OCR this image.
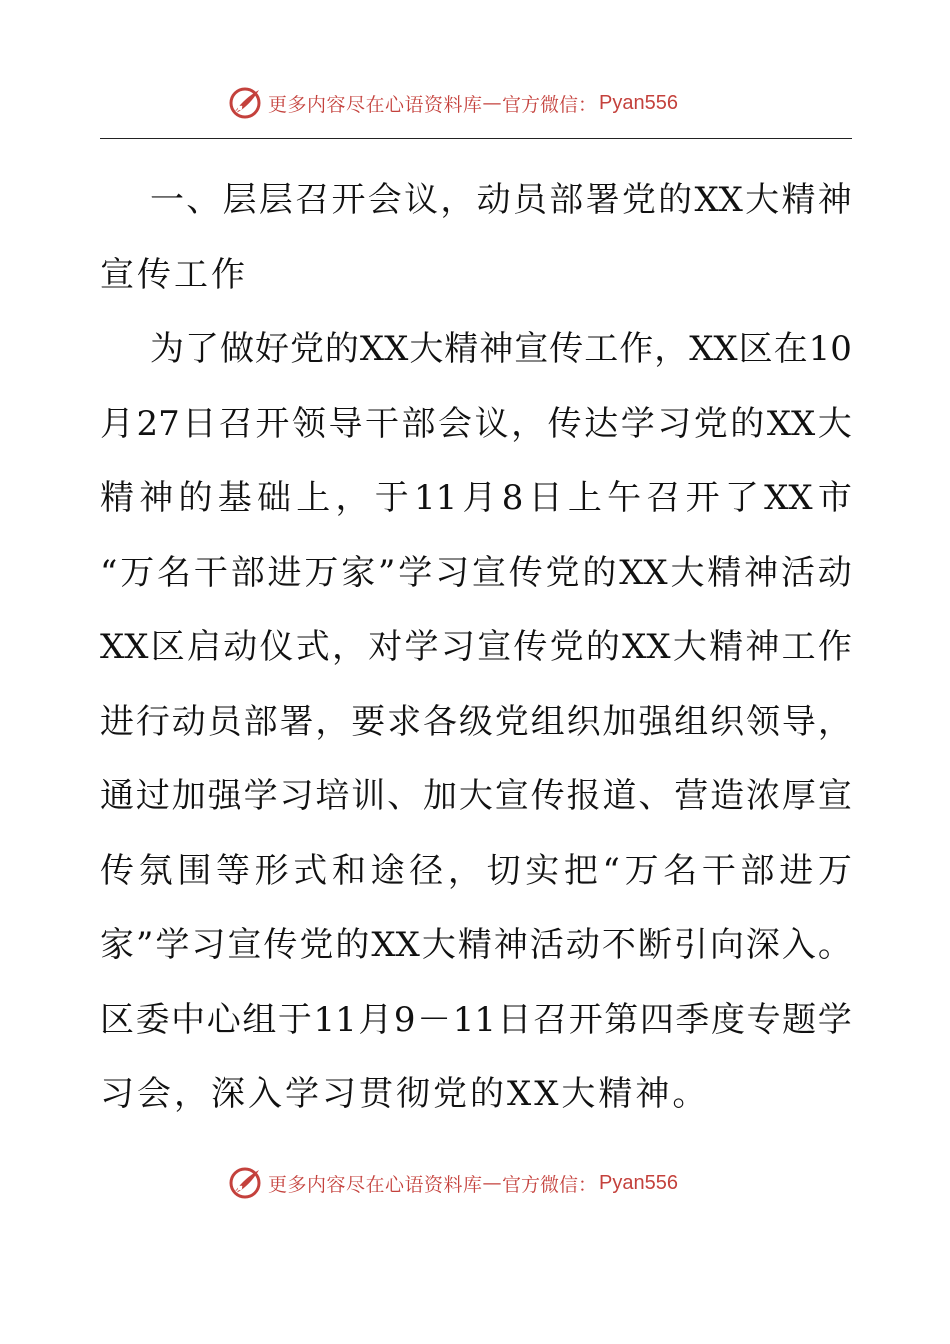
更多内容尽在心语资料库 — 官方微信： Pyan556
一 、 层 层 召 开 会 议 ， 动 员 部 署 党 的 XX 大 精 神
宣传工作
为 了 做 好 党 的 XX 大 精 神 宣 传 工 作 ， XX 区 在 10
月 27 日 召 开 领 导 干 部 会 议 ， 传 达 学 习 党 的 XX 大
精 神 的 基 础 上 ， 于 11 月 8 日 上 午 召 开 了 XX 市
“ 万 名 干 部 进 万 家 ” 学 习 宣 传 党 的 XX 大 精 神 活 动
XX 区 启 动 仪 式 ， 对 学 习 宣 传 党 的 XX 大 精 神 工 作
进 行 动 员 部 署 ， 要 求 各 级 党 组 织 加 强 组 织 领 导 ，
通 过 加 强 学 习 培 训 、 加 大 宣 传 报 道 、 营 造 浓 厚 宣
传 氛 围 等 形 式 和 途 径 ， 切 实 把 “ 万 名 干 部 进 万
家 ” 学 习 宣 传 党 的 XX 大 精 神 活 动 不 断 引 向 深 入 。
区 委 中 心 组 于 11 月 9 － 11 日 召 开 第 四 季 度 专 题 学
习会，深入学习贯彻党的XX大精神。
更多内容尽在心语资料库 — 官方微信： Pyan556
